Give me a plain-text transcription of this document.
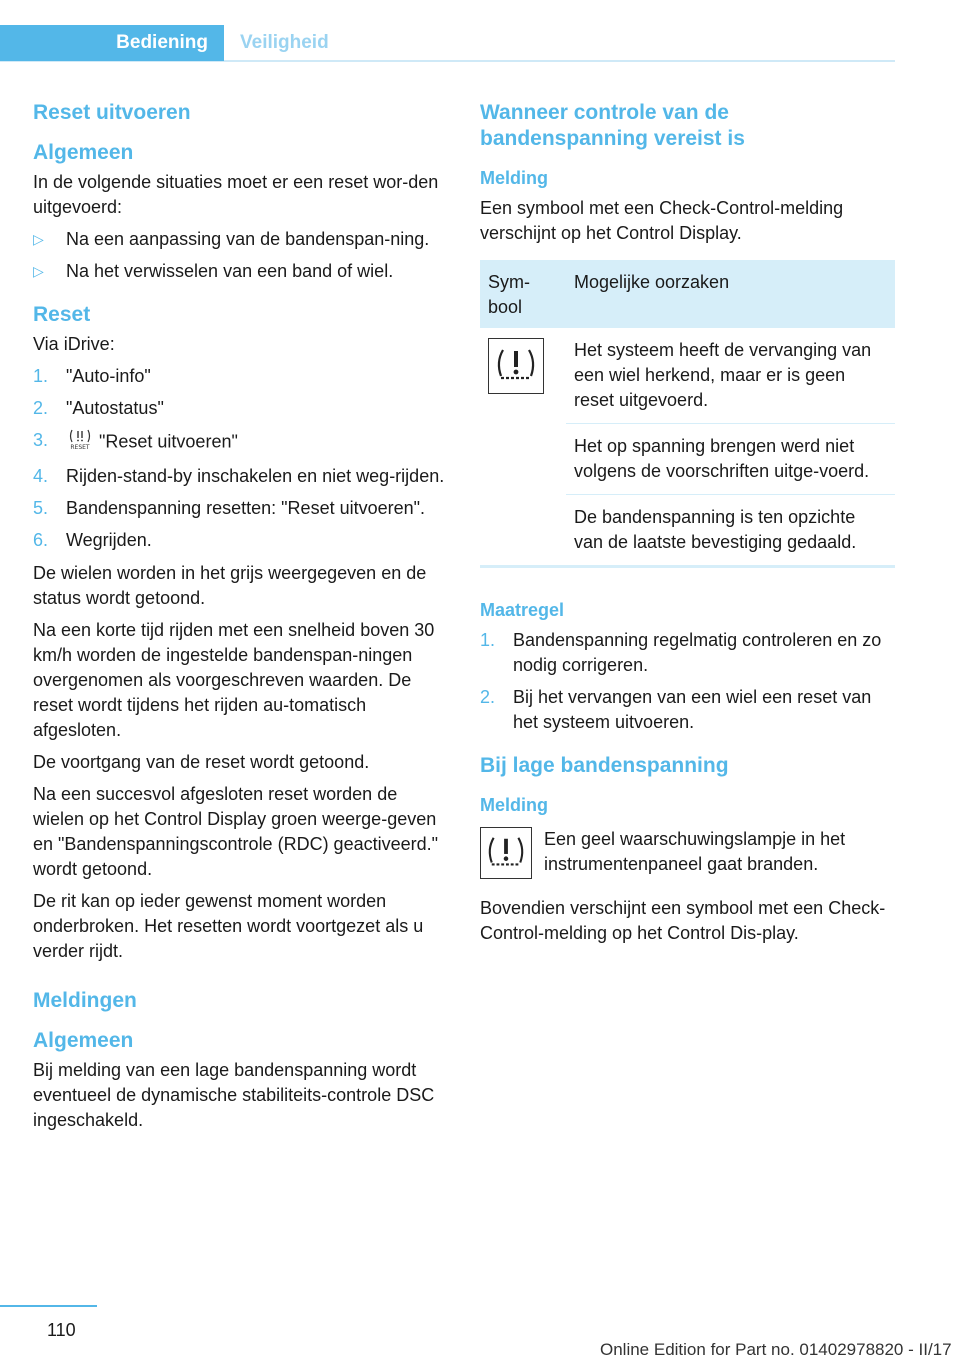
Bediening	Veiligheid
Reset uitvoeren
Algemeen

In de volgende situaties moet er een reset wor-den uitgevoerd:

▷ Na een aanpassing van de bandenspan-ning.
▷ Na het verwisselen van een band of wiel.
Reset

Via iDrive:

1. "Auto-info"
2. "Autostatus"
3.	RESET "Reset uitvoeren"
4. Rijden-stand-by inschakelen en niet weg-rijden.
5. Bandenspanning resetten: "Reset uitvoeren".
6. Wegrijden.

De wielen worden in het grijs weergegeven en de status wordt getoond.

Na een korte tijd rijden met een snelheid boven 30 km/h worden de ingestelde bandenspan-ningen overgenomen als voorgeschreven waarden. De reset wordt tijdens het rijden au-tomatisch afgesloten.

De voortgang van de reset wordt getoond.

Na een succesvol afgesloten reset worden de wielen op het Control Display groen weerge-geven en "Bandenspanningscontrole (RDC) geactiveerd." wordt getoond.

De rit kan op ieder gewenst moment worden onderbroken. Het resetten wordt voortgezet als u verder rijdt.

Meldingen
Algemeen

Bij melding van een lage bandenspanning wordt eventueel de dynamische stabiliteits-controle DSC ingeschakeld.

Wanneer controle van de bandenspanning vereist is
Melding

Een symbool met een Check-Control-melding verschijnt op het Control Display.

Sym-bool	Mogelijke oorzaken

	Het systeem heeft de vervanging van een wiel herkend, maar er is geen reset uitgevoerd.
	Het op spanning brengen werd niet volgens de voorschriften uitge-voerd.
	De bandenspanning is ten opzichte van de laatste bevestiging gedaald.
Maatregel
1. Bandenspanning regelmatig controleren en zo nodig corrigeren.
2. Bij het vervangen van een wiel een reset van het systeem uitvoeren.
Bij lage bandenspanning
Melding

Een geel waarschuwingslampje in het instrumentenpaneel gaat branden.

Bovendien verschijnt een symbool met een Check-Control-melding op het Control Dis-play.

110
Online Edition for Part no. 01402978820 - II/17
